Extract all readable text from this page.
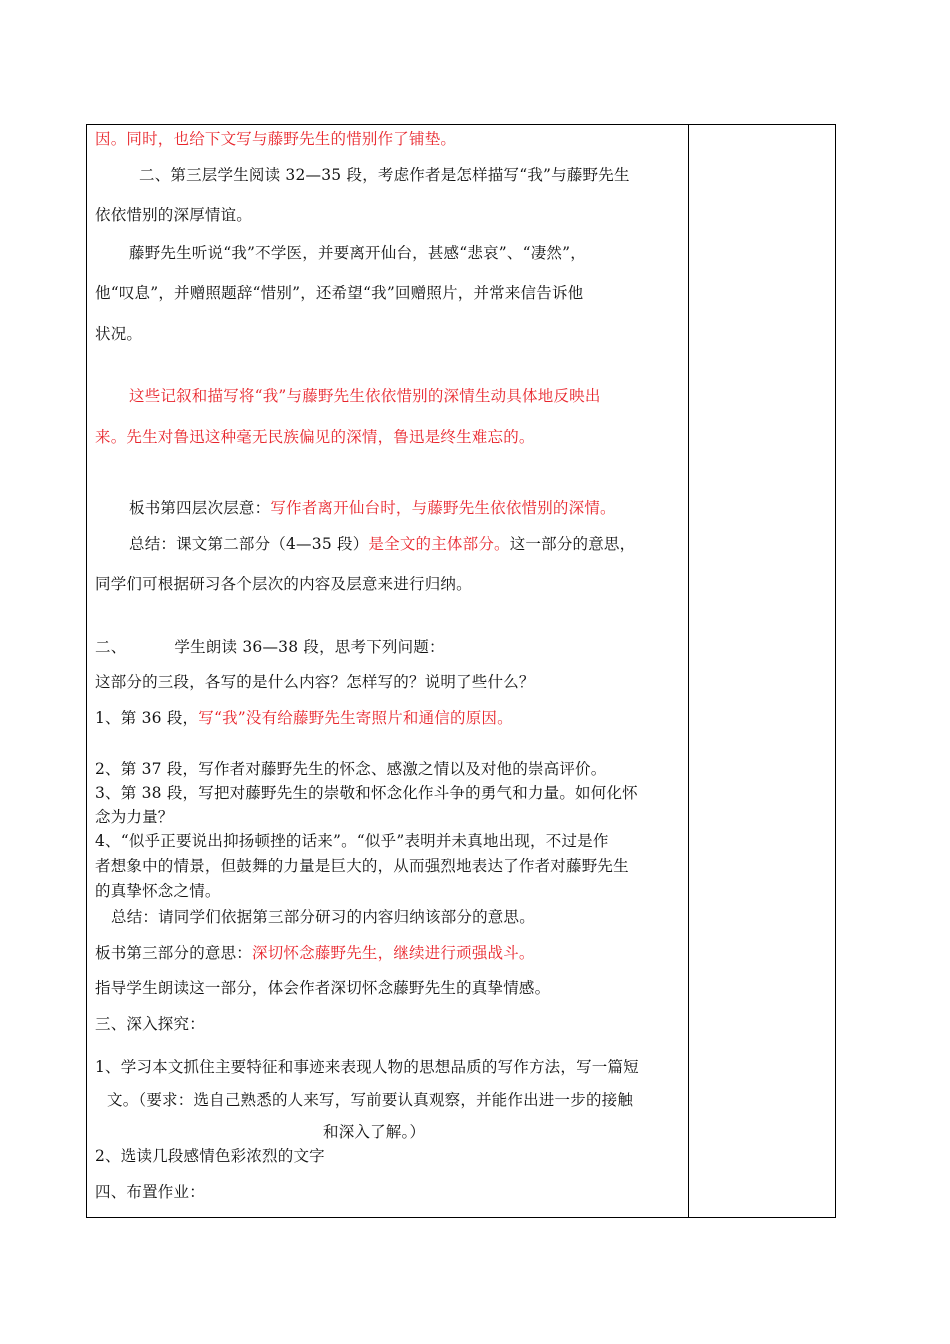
因。同时，也给下文写与藤野先生的惜别作了铺垫。
二、第三层学生阅读 32—35 段，考虑作者是怎样描写“我”与藤野先生
依依惜别的深厚情谊。
藤野先生听说“我”不学医，并要离开仙台，甚感“悲哀”、“凄然”，
他“叹息”，并赠照题辞“惜别”，还希望“我”回赠照片，并常来信告诉他
状况。
这些记叙和描写将“我”与藤野先生依依惜别的深情生动具体地反映出
来。先生对鲁迅这种毫无民族偏见的深情，鲁迅是终生难忘的。
板书第四层次层意：写作者离开仙台时，与藤野先生依依惜别的深情。
总结：课文第二部分（4—35 段）是全文的主体部分。这一部分的意思，
同学们可根据研习各个层次的内容及层意来进行归纳。
二、	学生朗读 36—38 段，思考下列问题：
这部分的三段，各写的是什么内容？怎样写的？说明了些什么？
1、第 36 段，写“我”没有给藤野先生寄照片和通信的原因。
2、第 37 段，写作者对藤野先生的怀念、感激之情以及对他的崇高评价。
3、第 38 段，写把对藤野先生的崇敬和怀念化作斗争的勇气和力量。如何化怀
念为力量？
4、“似乎正要说出抑扬顿挫的话来”。“似乎”表明并未真地出现，不过是作
者想象中的情景，但鼓舞的力量是巨大的，从而强烈地表达了作者对藤野先生
的真挚怀念之情。
总结：请同学们依据第三部分研习的内容归纳该部分的意思。
板书第三部分的意思：深切怀念藤野先生，继续进行顽强战斗。
指导学生朗读这一部分，体会作者深切怀念藤野先生的真挚情感。
三、深入探究：
1、学习本文抓住主要特征和事迹来表现人物的思想品质的写作方法，写一篇短
文。（要求：选自己熟悉的人来写，写前要认真观察，并能作出进一步的接触
和深入了解。）
2、选读几段感情色彩浓烈的文字
四、布置作业：
